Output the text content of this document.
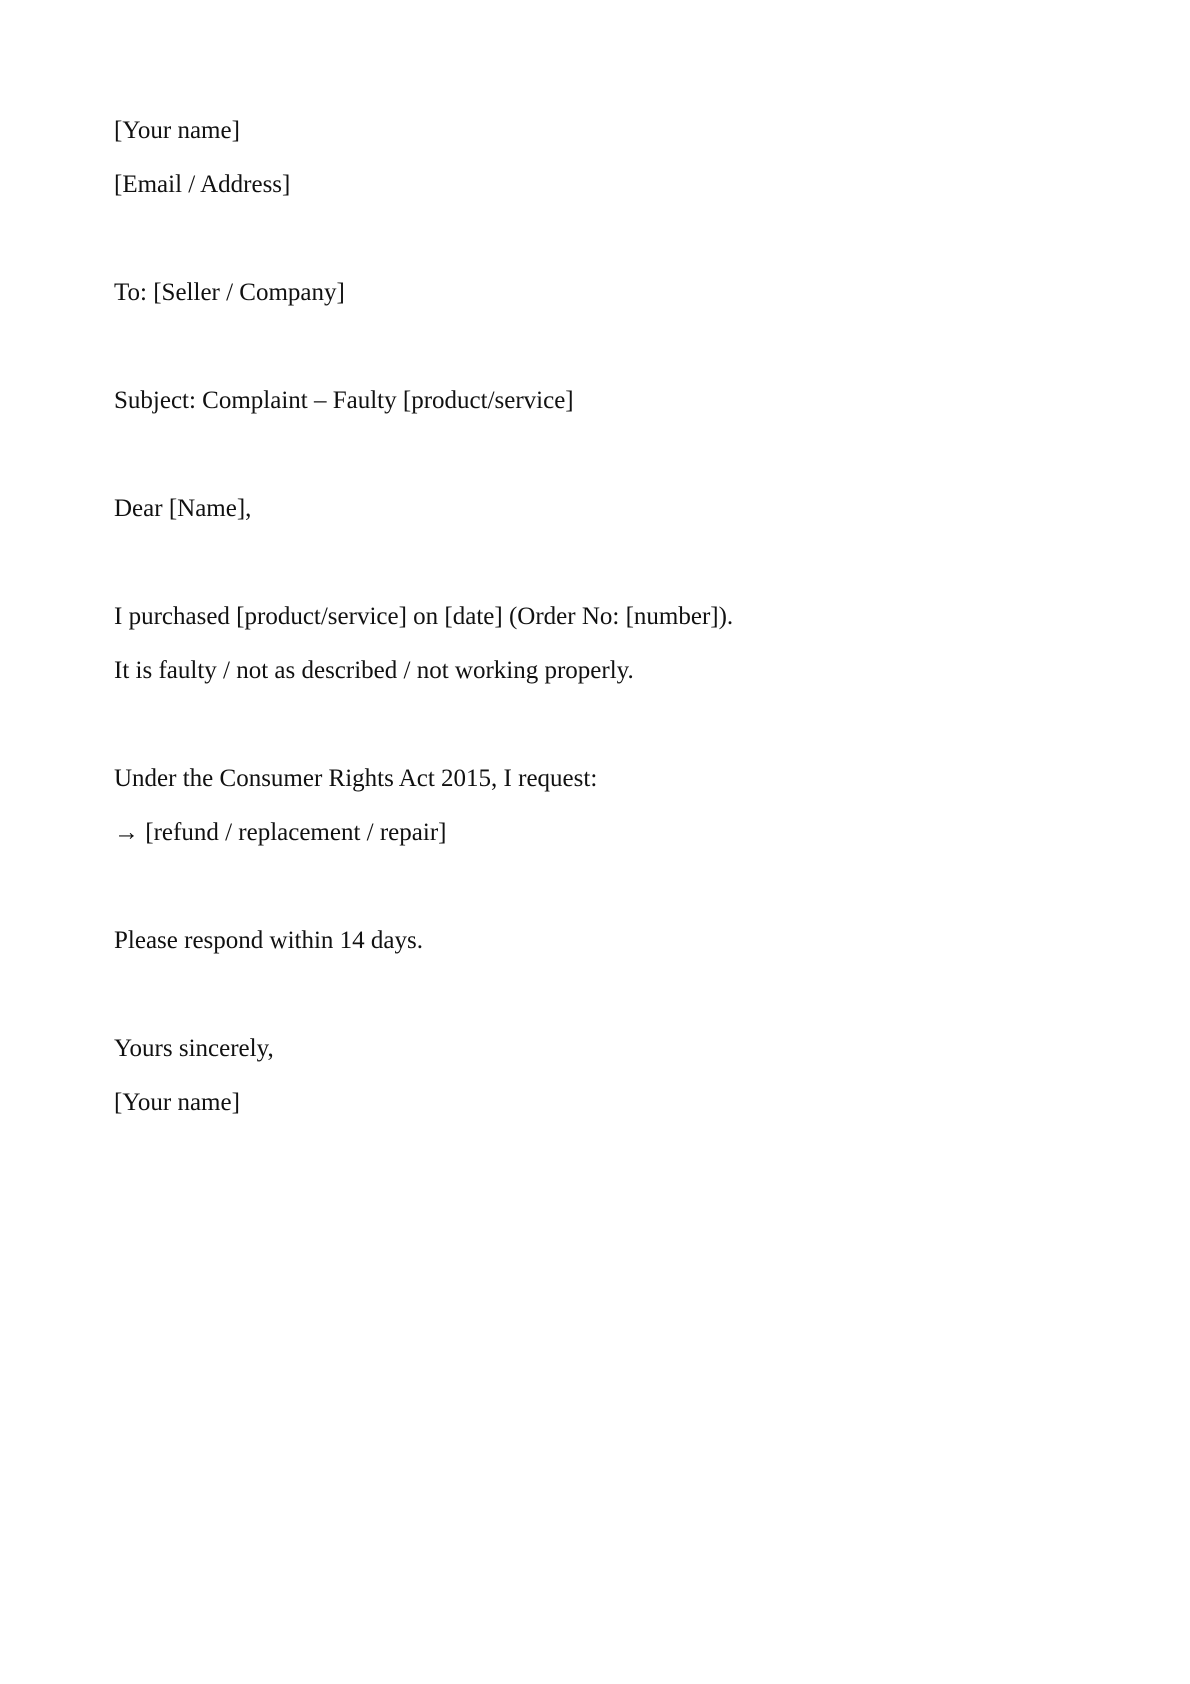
[Your name]
[Email / Address]
To: [Seller / Company]
Subject: Complaint – Faulty [product/service]
Dear [Name],
I purchased [product/service] on [date] (Order No: [number]).
It is faulty / not as described / not working properly.
Under the Consumer Rights Act 2015, I request:
→ [refund / replacement / repair]
Please respond within 14 days.
Yours sincerely,
[Your name]
